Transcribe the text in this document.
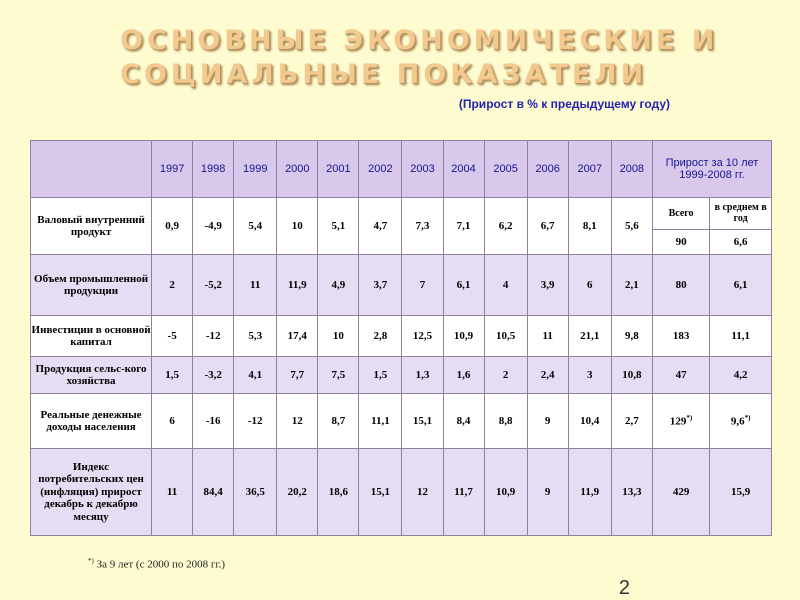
ОСНОВНЫЕ ЭКОНОМИЧЕСКИЕ И
СОЦИАЛЬНЫЕ ПОКАЗАТЕЛИ
(Прирост в % к предыдущему году)
	1997	1998	1999	2000	2001	2002	2003	2004	2005	2006	2007	2008	Прирост за 10 лет 1999-2008 гг.	
Валовый внутренний продукт	0,9	-4,9	5,4	10	5,1	4,7	7,3	7,1	6,2	6,7	8,1	5,6	Всего	в среднем в год
													90	6,6
Объем промышленной продукции	2	-5,2	11	11,9	4,9	3,7	7	6,1	4	3,9	6	2,1	80	6,1
Инвестиции в основной капитал	-5	-12	5,3	17,4	10	2,8	12,5	10,9	10,5	11	21,1	9,8	183	11,1
Продукция сельс-кого хозяйства	1,5	-3,2	4,1	7,7	7,5	1,5	1,3	1,6	2	2,4	3	10,8	47	4,2
Реальные денежные доходы населения	6	-16	-12	12	8,7	11,1	15,1	8,4	8,8	9	10,4	2,7	129*)	9,6*)
Индекс потребительских цен (инфляция) прирост декабрь к декабрю месяцу	11	84,4	36,5	20,2	18,6	15,1	12	11,7	10,9	9	11,9	13,3	429	15,9
*) За 9 лет (с 2000 по 2008 гг.)
2
